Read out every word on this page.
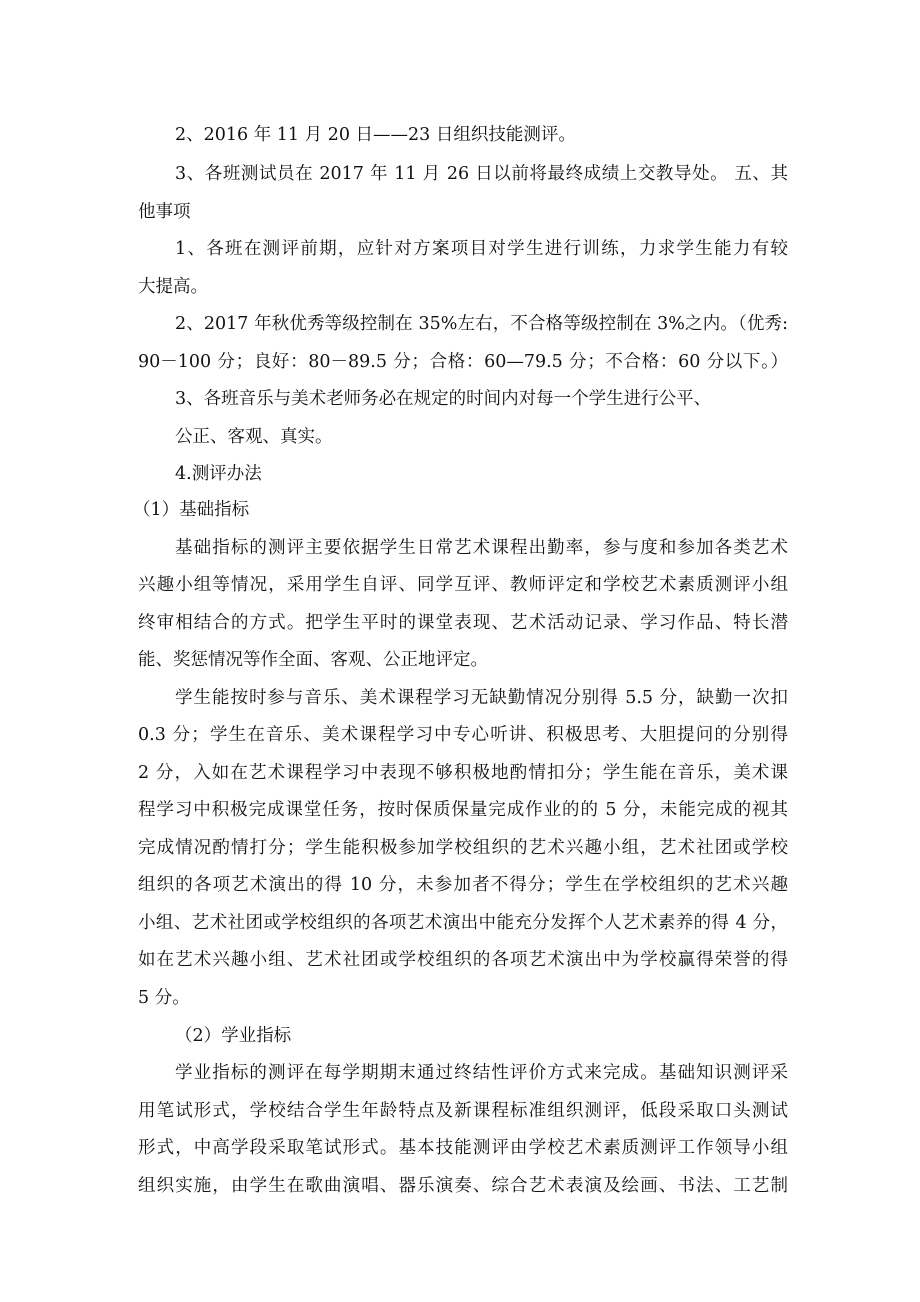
2、2016 年 11 月 20 日——23 日组织技能测评。
3、各班测试员在 2017 年 11 月 26 日以前将最终成绩上交教导处。 五、其
他事项
1、各班在测评前期，应针对方案项目对学生进行训练，力求学生能力有较
大提高。
2、2017 年秋优秀等级控制在 35%左右，不合格等级控制在 3%之内。（优秀:
90－100 分；良好：80－89.5 分；合格：60—79.5 分；不合格：60 分以下。）
3、各班音乐与美术老师务必在规定的时间内对每一个学生进行公平、
公正、客观、真实。
4.测评办法
（1）基础指标
基础指标的测评主要依据学生日常艺术课程出勤率，参与度和参加各类艺术
兴趣小组等情况，采用学生自评、同学互评、教师评定和学校艺术素质测评小组
终审相结合的方式。把学生平时的课堂表现、艺术活动记录、学习作品、特长潜
能、奖惩情况等作全面、客观、公正地评定。
学生能按时参与音乐、美术课程学习无缺勤情况分别得 5.5 分，缺勤一次扣
0.3 分；学生在音乐、美术课程学习中专心听讲、积极思考、大胆提问的分别得
2 分，入如在艺术课程学习中表现不够积极地酌情扣分；学生能在音乐，美术课
程学习中积极完成课堂任务，按时保质保量完成作业的的 5 分，未能完成的视其
完成情况酌情打分；学生能积极参加学校组织的艺术兴趣小组，艺术社团或学校
组织的各项艺术演出的得 10 分，未参加者不得分；学生在学校组织的艺术兴趣
小组、艺术社团或学校组织的各项艺术演出中能充分发挥个人艺术素养的得 4 分，
如在艺术兴趣小组、艺术社团或学校组织的各项艺术演出中为学校赢得荣誉的得
5 分。
（2）学业指标
学业指标的测评在每学期期末通过终结性评价方式来完成。基础知识测评采
用笔试形式，学校结合学生年龄特点及新课程标准组织测评，低段采取口头测试
形式，中高学段采取笔试形式。基本技能测评由学校艺术素质测评工作领导小组
组织实施，由学生在歌曲演唱、器乐演奏、综合艺术表演及绘画、书法、工艺制
